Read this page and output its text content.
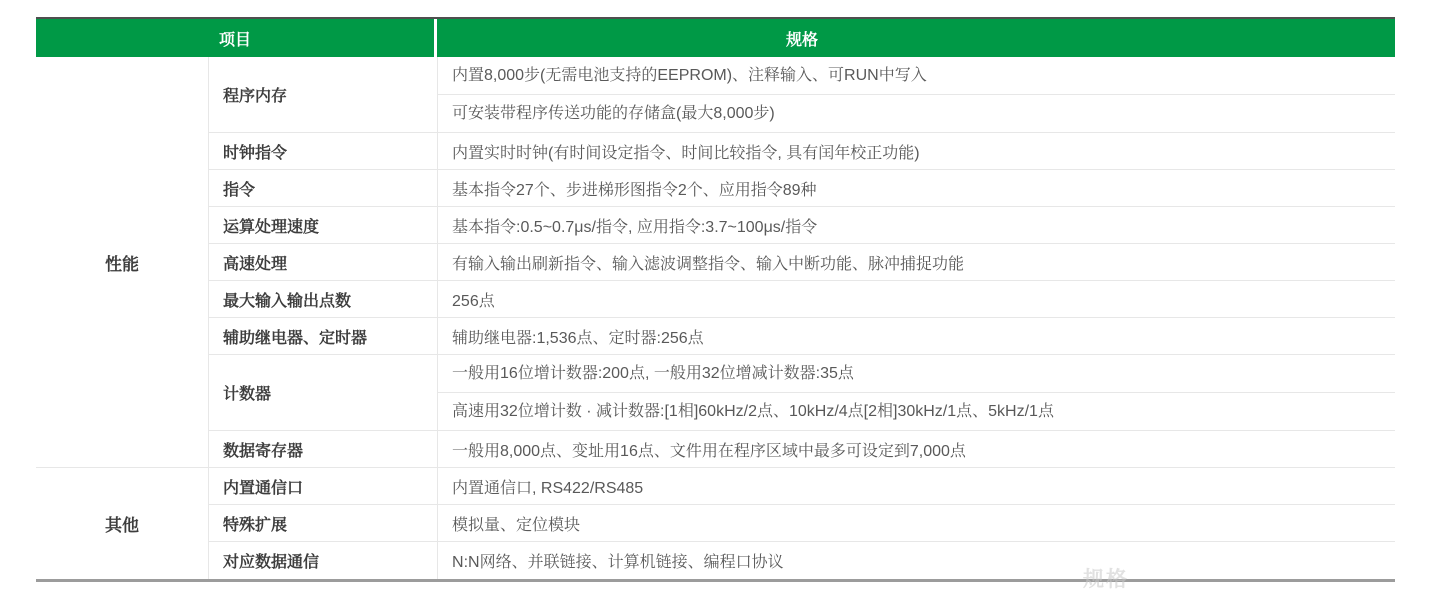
项目		规格
性能	程序内存	内置8,000步(无需电池支持的EEPROM)、注释输入、可RUN中写入
可安装带程序传送功能的存储盒(最大8,000步)

	时钟指令	内置实时时钟(有时间设定指令、时间比较指令, 具有闰年校正功能)
	指令	基本指令27个、步进梯形图指令2个、应用指令89种
	运算处理速度	基本指令:0.5~0.7μs/指令, 应用指令:3.7~100μs/指令
	高速处理	有输入输出刷新指令、输入滤波调整指令、输入中断功能、脉冲捕捉功能
	最大输入输出点数	256点
	辅助继电器、定时器	辅助继电器:1,536点、定时器:256点
	计数器	一般用16位增计数器:200点, 一般用32位增减计数器:35点
高速用32位增计数 · 减计数器:[1相]60kHz/2点、10kHz/4点[2相]30kHz/1点、5kHz/1点

	数据寄存器	一般用8,000点、变址用16点、文件用在程序区域中最多可设定到7,000点
其他	内置通信口	内置通信口, RS422/RS485
	特殊扩展	模拟量、定位模块
	对应数据通信	N:N网络、并联链接、计算机链接、编程口协议
规格
